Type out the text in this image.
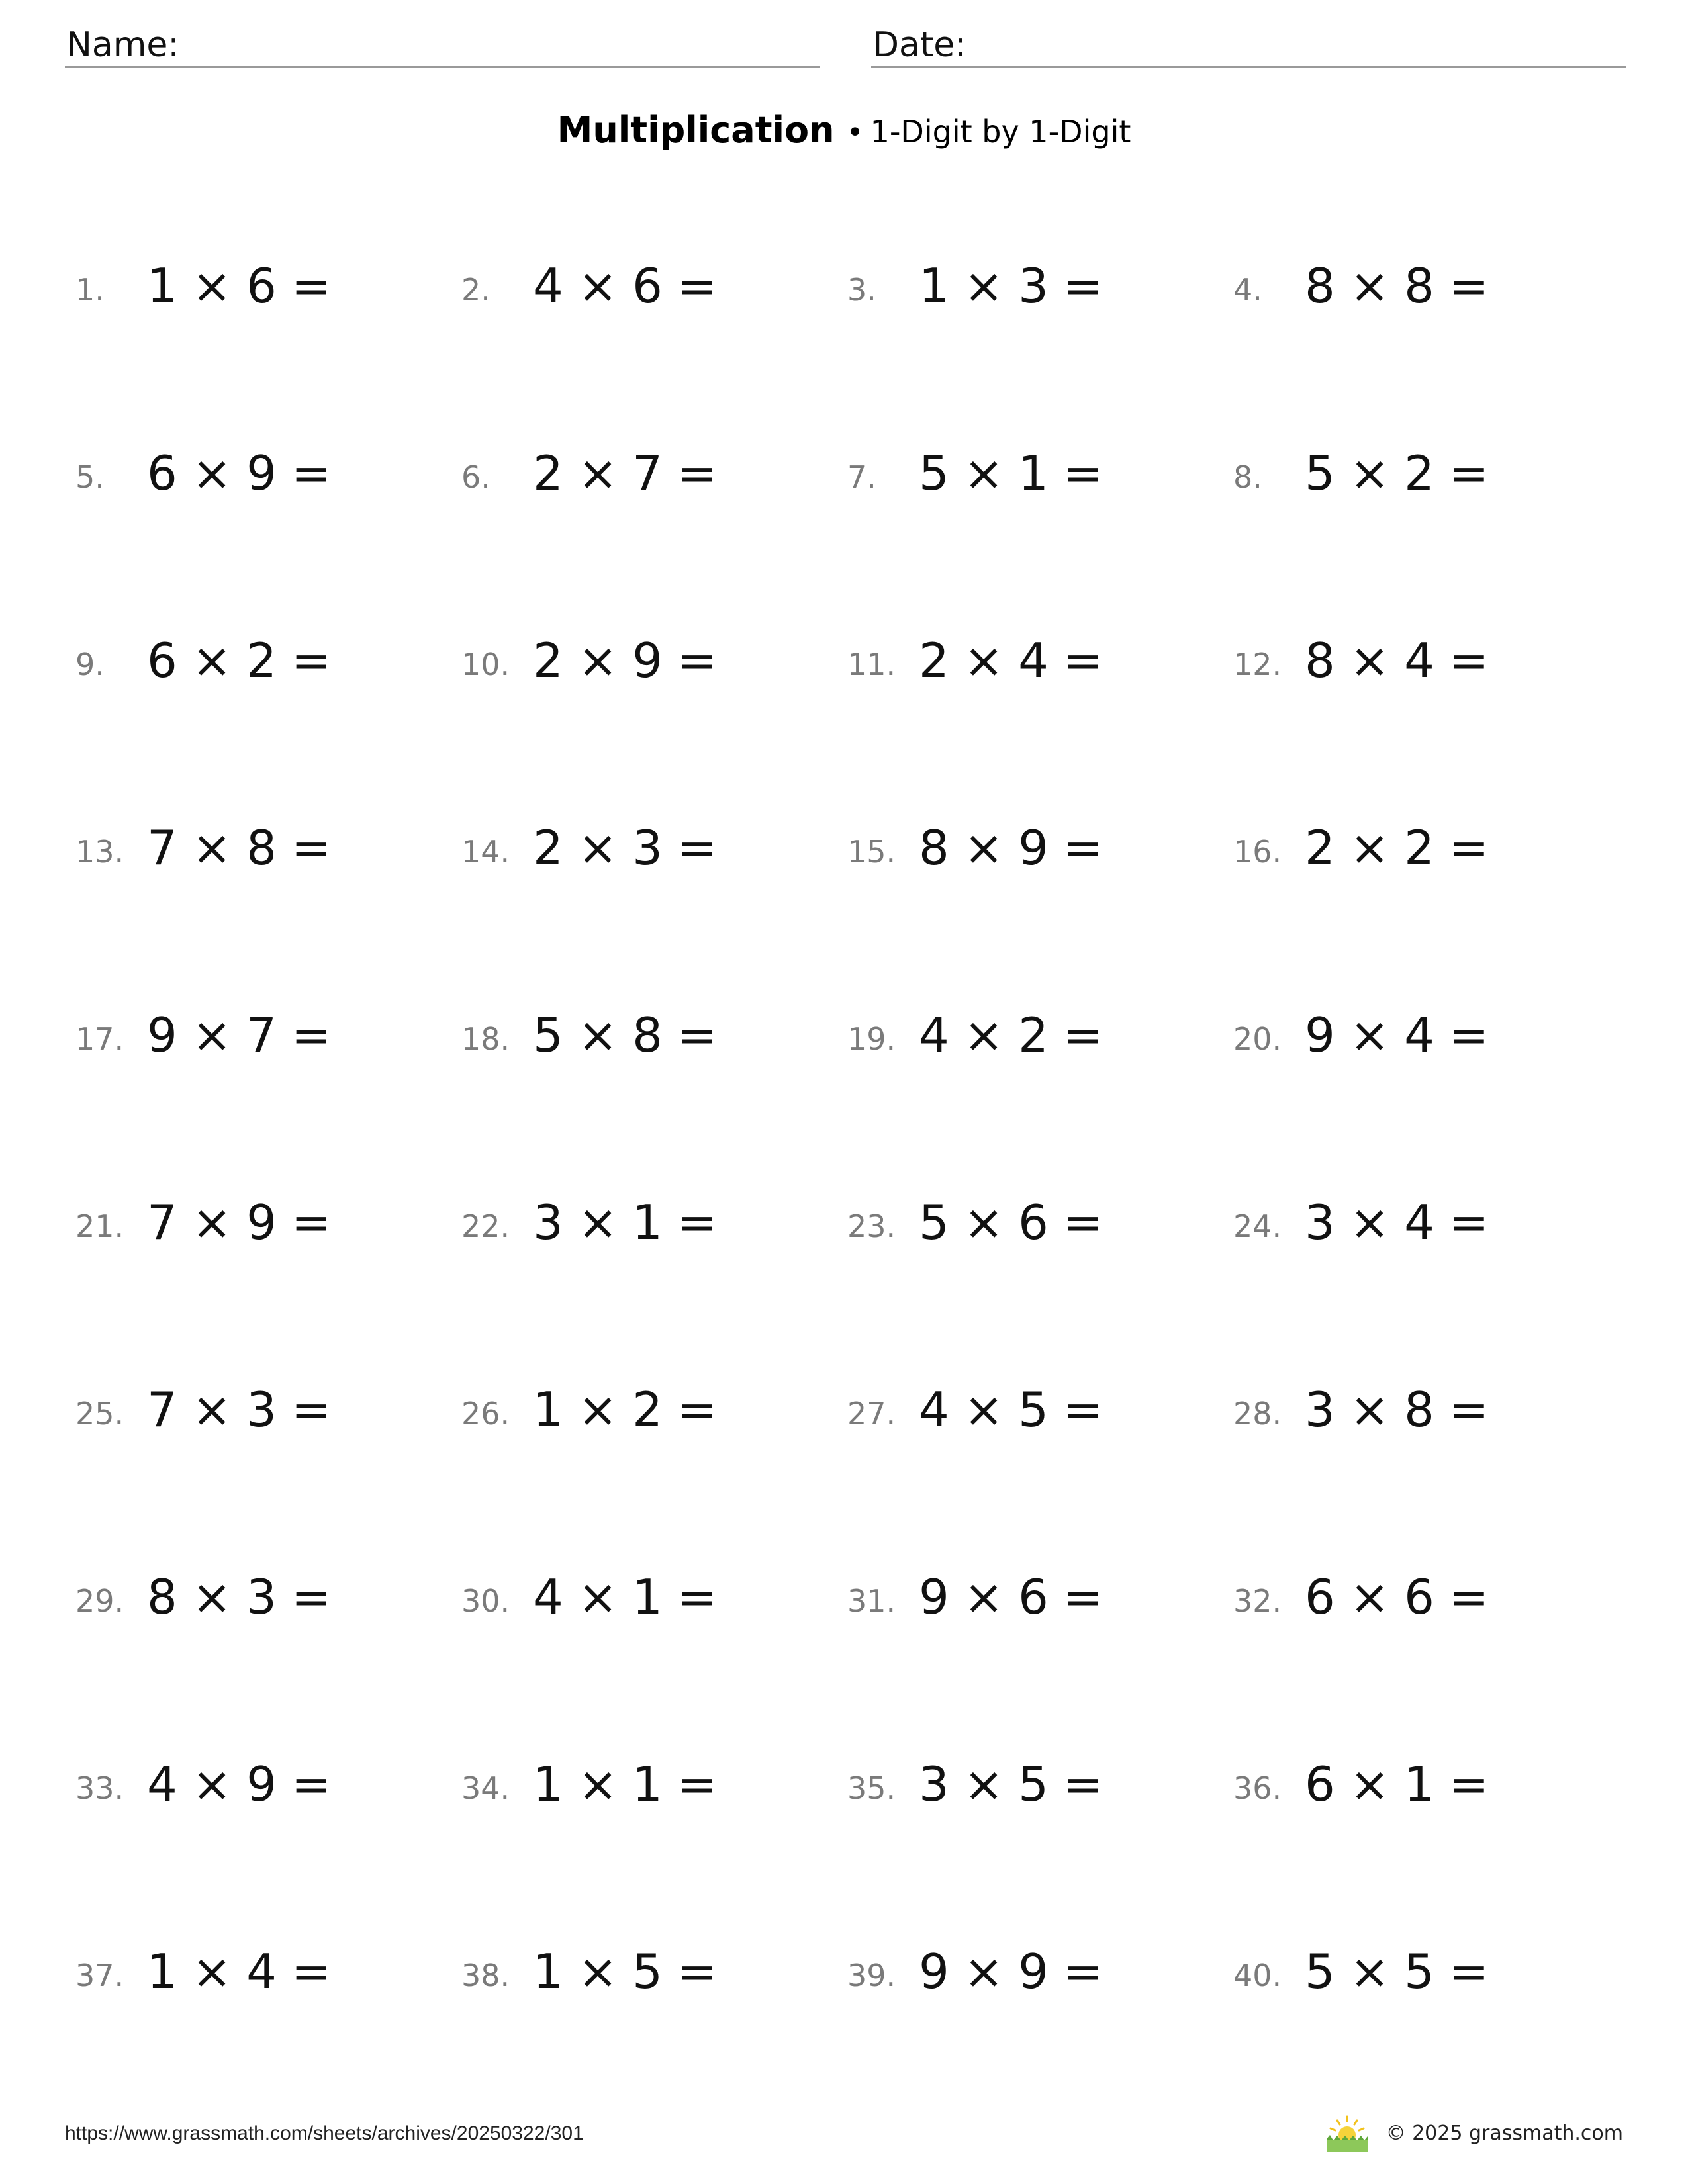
Name:	Date:
Multiplication • 1-Digit by 1-Digit
1. 1 × 6 =	2. 4 × 6 =	3. 1 × 3 =	4. 8 × 8 =
5. 6 × 9 =	6. 2 × 7 =	7. 5 × 1 =	8. 5 × 2 =
9. 6 × 2 =	10. 2 × 9 =	11. 2 × 4 =	12. 8 × 4 =
13. 7 × 8 =	14. 2 × 3 =	15. 8 × 9 =	16. 2 × 2 =
17. 9 × 7 =	18. 5 × 8 =	19. 4 × 2 =	20. 9 × 4 =
21. 7 × 9 =	22. 3 × 1 =	23. 5 × 6 =	24. 3 × 4 =
25. 7 × 3 =	26. 1 × 2 =	27. 4 × 5 =	28. 3 × 8 =
29. 8 × 3 =	30. 4 × 1 =	31. 9 × 6 =	32. 6 × 6 =
33. 4 × 9 =	34. 1 × 1 =	35. 3 × 5 =	36. 6 × 1 =
37. 1 × 4 =	38. 1 × 5 =	39. 9 × 9 =	40. 5 × 5 =
https://www.grassmath.com/sheets/archives/20250322/301	© 2025 grassmath.com
